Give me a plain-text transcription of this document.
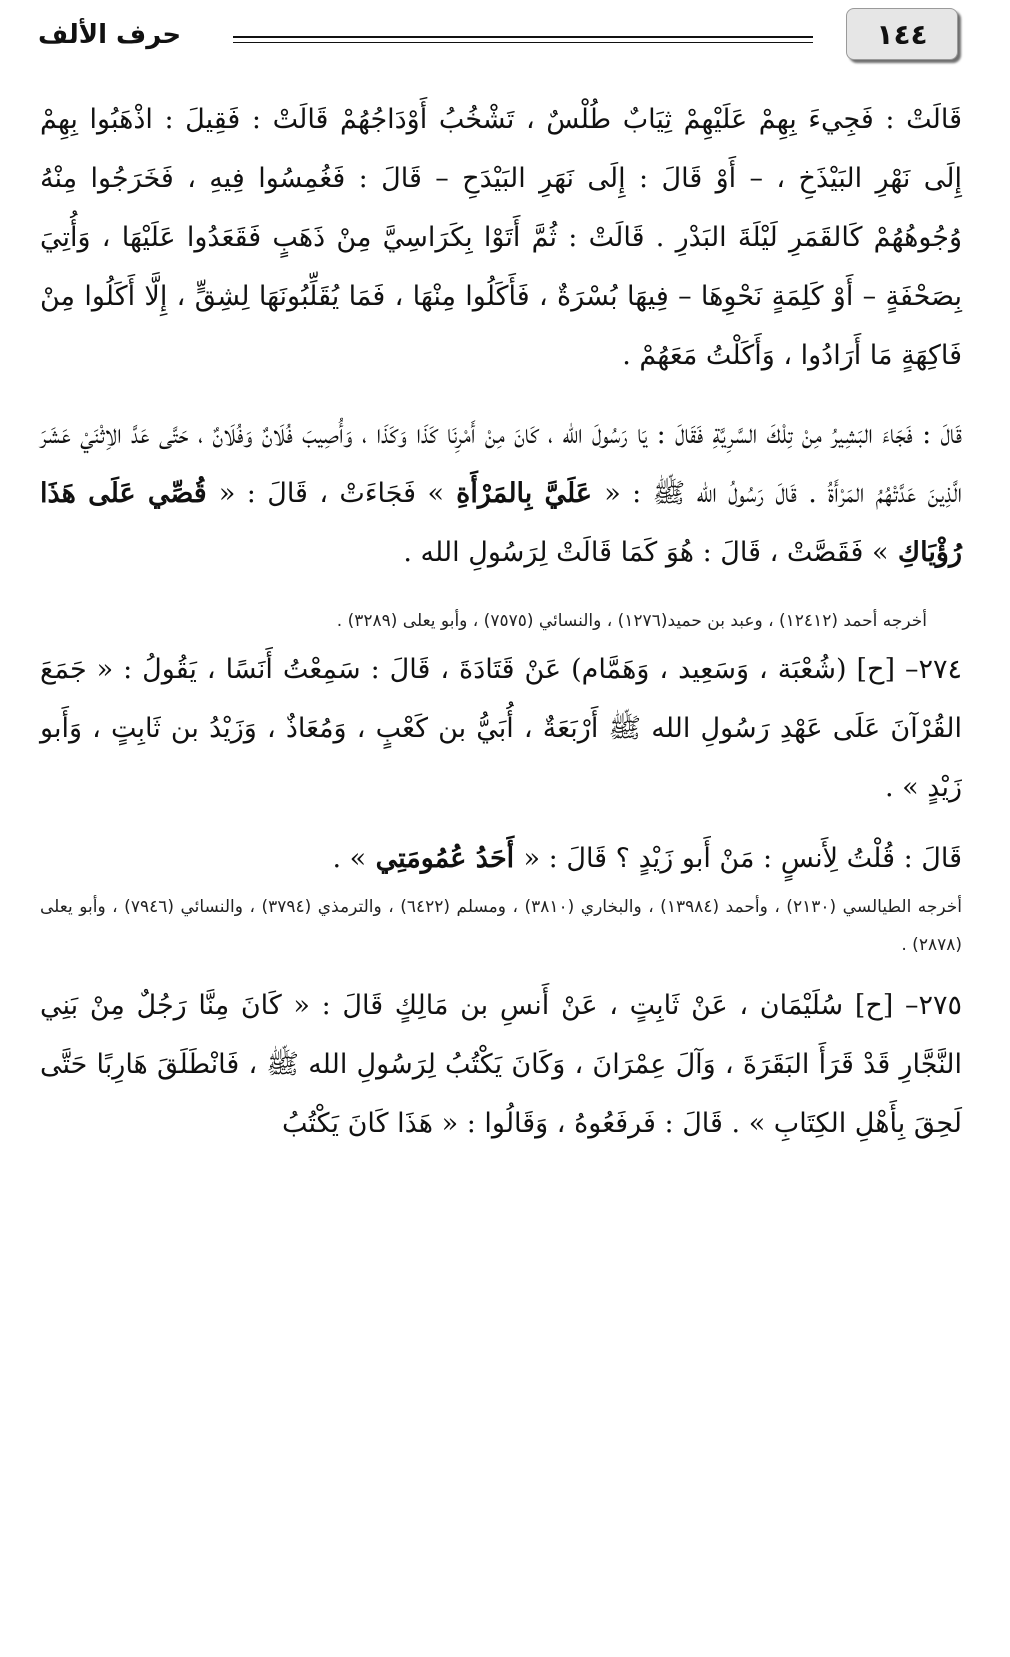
١٤٤
حرف الألف

قَالَتْ : فَجِيءَ بِهِمْ عَلَيْهِمْ ثِيَابٌ طُلْسٌ ، تَشْخُبُ أَوْدَاجُهُمْ قَالَتْ : فَقِيلَ : اذْهَبُوا بِهِمْ إِلَى نَهْرِ البَيْذَخِ ، – أَوْ قَالَ : إِلَى نَهَرِ البَيْدَحِ – قَالَ : فَغُمِسُوا فِيهِ ، فَخَرَجُوا مِنْهُ وُجُوهُهُمْ كَالقَمَرِ لَيْلَةَ البَدْرِ . قَالَتْ : ثُمَّ أَتَوْا بِكَرَاسِيَّ مِنْ ذَهَبٍ فَقَعَدُوا عَلَيْهَا ، وَأُتِيَ بِصَحْفَةٍ – أَوْ كَلِمَةٍ نَحْوِهَا – فِيهَا بُسْرَةٌ ، فَأَكَلُوا مِنْهَا ، فَمَا يُقَلِّبُونَهَا لِشِقٍّ ، إِلَّا أَكَلُوا مِنْ فَاكِهَةٍ مَا أَرَادُوا ، وَأَكَلْتُ مَعَهُمْ .

قَالَ : فَجَاءَ البَشِيرُ مِنْ تِلْكَ السَّرِيَّةِ فَقَالَ : يَا رَسُولَ الله ، كَانَ مِنْ أَمْرِنَا كَذَا وَكَذَا ، وَأُصِيبَ فُلَانٌ وَفُلَانٌ ، حَتَّى عَدَّ الاِثْنَيْ عَشَرَ الَّذِينَ عَدَّتْهُمُ المَرْأَةُ . قَالَ رَسُولُ الله ﷺ : « عَلَيَّ بِالمَرْأَةِ » فَجَاءَتْ ، قَالَ : « قُصِّي عَلَى هَذَا رُؤْيَاكِ » فَقَصَّتْ ، قَالَ : هُوَ كَمَا قَالَتْ لِرَسُولِ الله .

أخرجه أحمد (١٢٤١٢) ، وعبد بن حميد(١٢٧٦) ، والنسائي (٧٥٧٥) ، وأبو يعلى (٣٢٨٩) .

٢٧٤– [ح] (شُعْبَة ، وَسَعِيد ، وَهَمَّام) عَنْ قَتَادَةَ ، قَالَ : سَمِعْتُ أَنَسًا ، يَقُولُ : « جَمَعَ القُرْآنَ عَلَى عَهْدِ رَسُولِ الله ﷺ أَرْبَعَةٌ ، أُبَيُّ بن كَعْبٍ ، وَمُعَاذٌ ، وَزَيْدُ بن ثَابِتٍ ، وَأَبو زَيْدٍ » .

قَالَ : قُلْتُ لِأَنسٍ : مَنْ أَبو زَيْدٍ ؟ قَالَ : « أَحَدُ عُمُومَتِي » .

أخرجه الطيالسي (٢١٣٠) ، وأحمد (١٣٩٨٤) ، والبخاري (٣٨١٠) ، ومسلم (٦٤٢٢) ، والترمذي (٣٧٩٤) ، والنسائي (٧٩٤٦) ، وأبو يعلى (٢٨٧٨) .

٢٧٥– [ح] سُلَيْمَان ، عَنْ ثَابِتٍ ، عَنْ أَنسِ بن مَالِكٍ قَالَ : « كَانَ مِنَّا رَجُلٌ مِنْ بَنِي النَّجَّارِ قَدْ قَرَأَ البَقَرَةَ ، وَآلَ عِمْرَانَ ، وَكَانَ يَكْتُبُ لِرَسُولِ الله ﷺ ، فَانْطَلَقَ هَارِبًا حَتَّى لَحِقَ بِأَهْلِ الكِتَابِ » . قَالَ : فَرفَعُوهُ ، وَقَالُوا : « هَذَا كَانَ يَكْتُبُ
